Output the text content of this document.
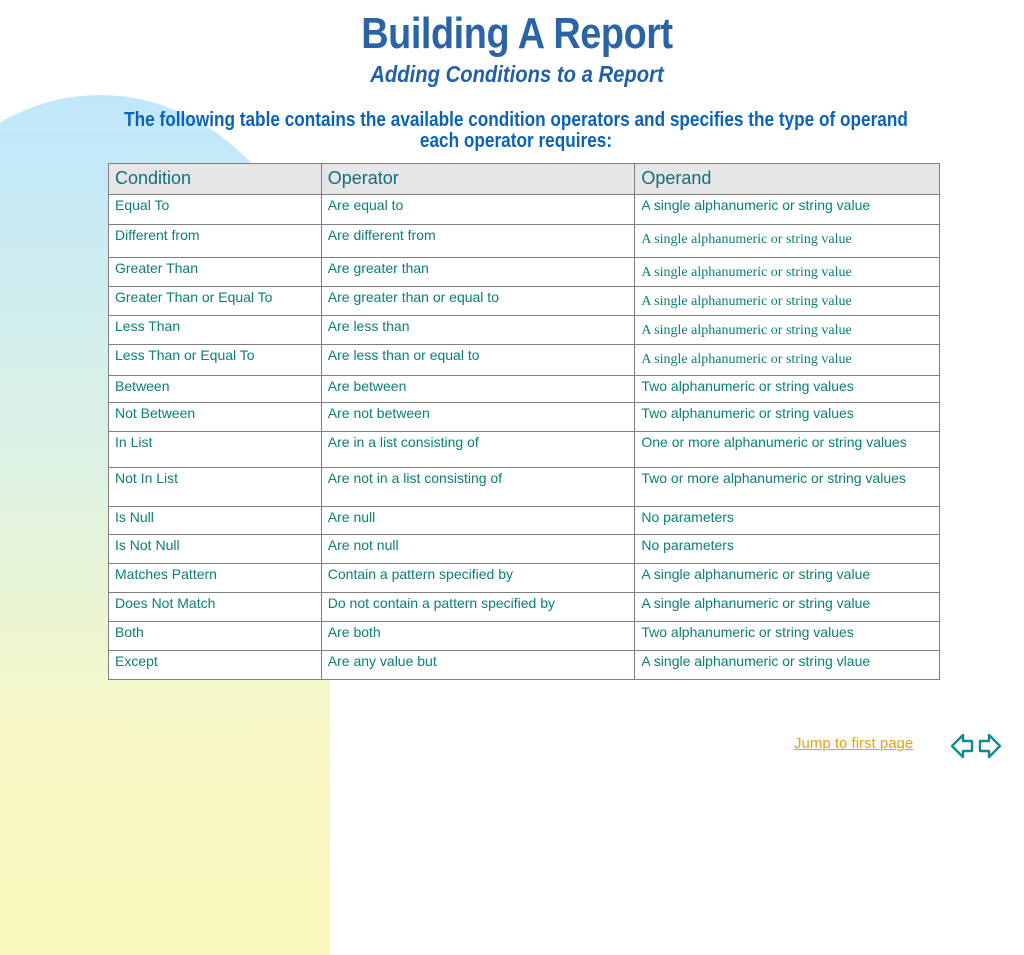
Building A Report
Adding Conditions to a Report
The following table contains the available condition operators and specifies the type of operand each operator requires:
Condition	Operator	Operand
Equal To	Are equal to	A single alphanumeric or string value
Different from	Are different from	A single alphanumeric or string value
Greater Than	Are greater than	A single alphanumeric or string value
Greater Than or Equal To	Are greater than or equal to	A single alphanumeric or string value
Less Than	Are less than	A single alphanumeric or string value
Less Than or Equal To	Are less than or equal to	A single alphanumeric or string value
Between	Are between	Two alphanumeric or string values
Not Between	Are not between	Two alphanumeric or string values
In List	Are in a list consisting of	One or more alphanumeric or string values
Not In List	Are not in a list consisting of	Two or more alphanumeric or string values
Is Null	Are null	No parameters
Is Not Null	Are not null	No parameters
Matches Pattern	Contain a pattern specified by	A single alphanumeric or string value
Does Not Match	Do not contain a pattern specified by	A single alphanumeric or string value
Both	Are both	Two alphanumeric or string values
Except	Are any value but	A single alphanumeric or string vlaue
Jump to first page
